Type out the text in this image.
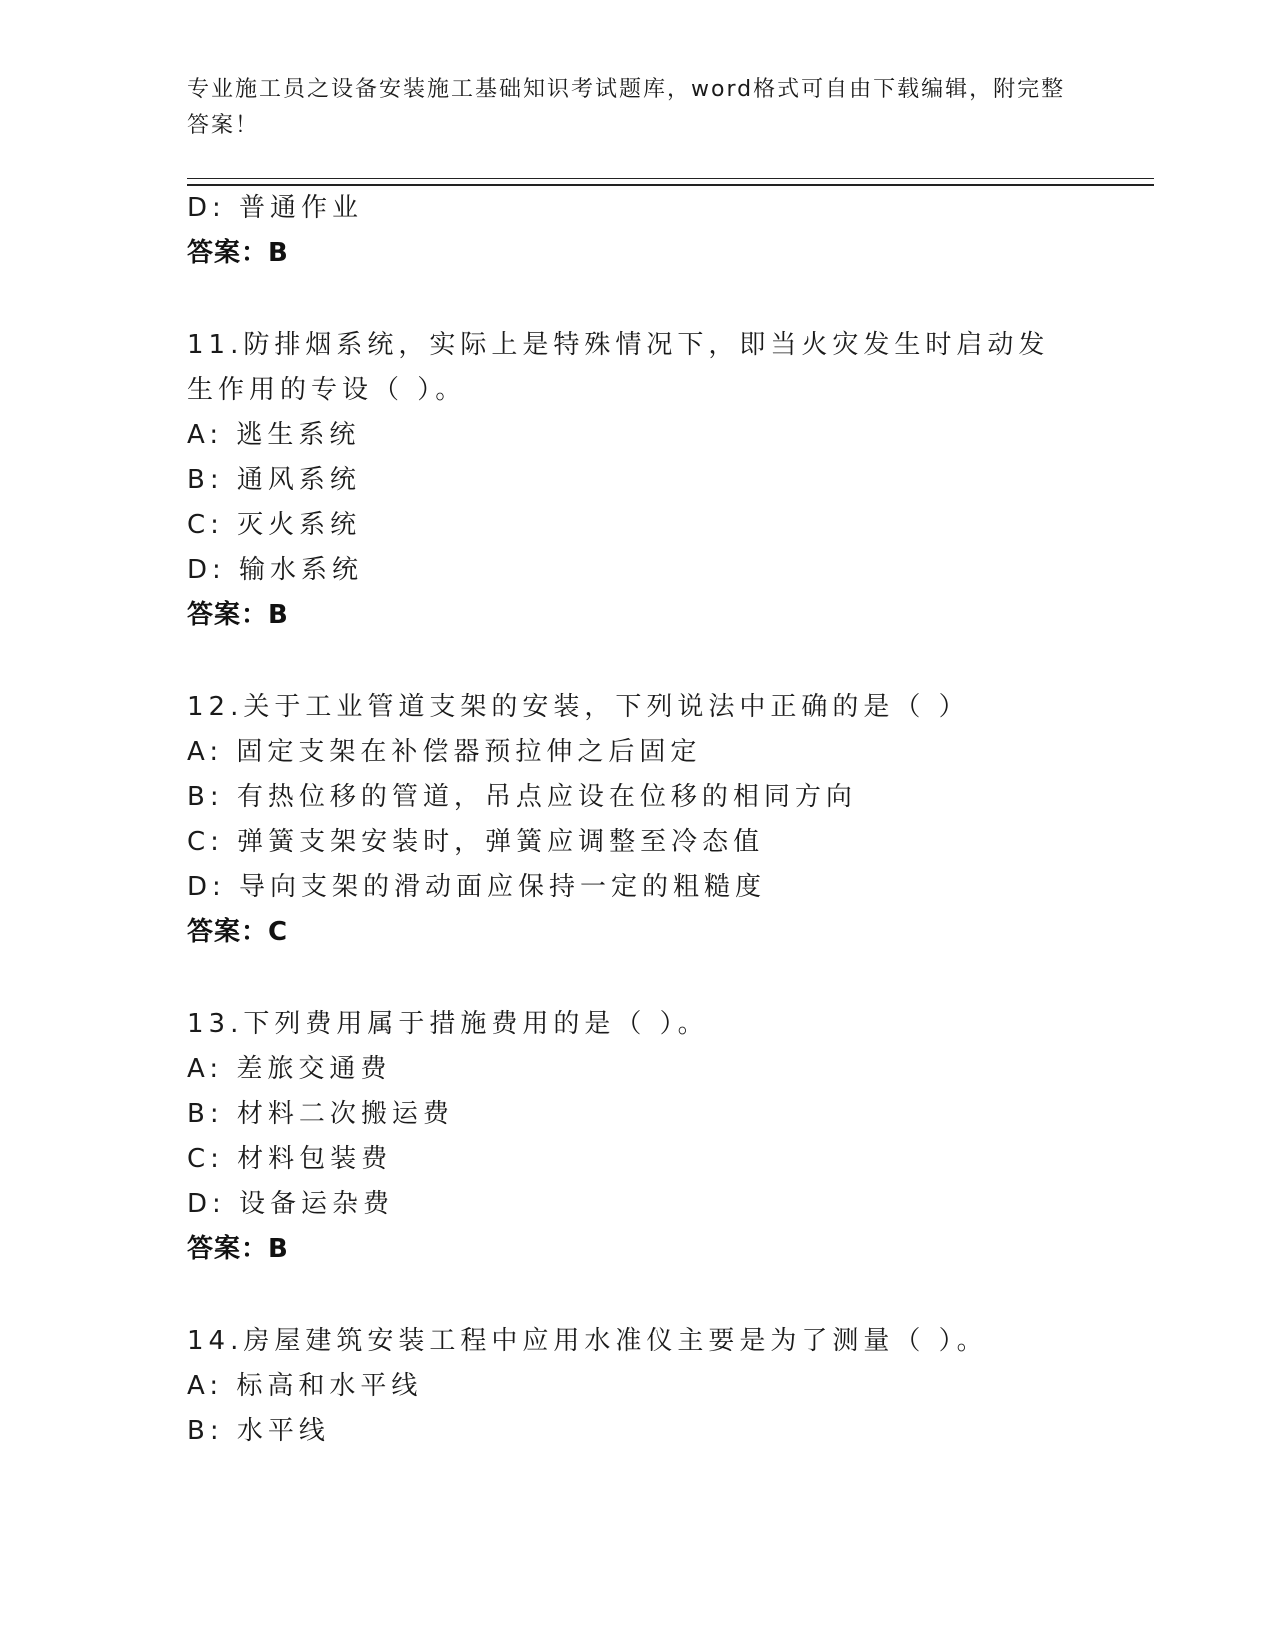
专业施工员之设备安装施工基础知识考试题库，word格式可自由下载编辑，附完整答案！
D: 普通作业
答案：B
11.防排烟系统，实际上是特殊情况下，即当火灾发生时启动发生作用的专设（ ）。
A: 逃生系统
B: 通风系统
C: 灭火系统
D: 输水系统
答案：B
12.关于工业管道支架的安装，下列说法中正确的是（ ）
A: 固定支架在补偿器预拉伸之后固定
B: 有热位移的管道，吊点应设在位移的相同方向
C: 弹簧支架安装时，弹簧应调整至冷态值
D: 导向支架的滑动面应保持一定的粗糙度
答案：C
13.下列费用属于措施费用的是（ ）。
A: 差旅交通费
B: 材料二次搬运费
C: 材料包装费
D: 设备运杂费
答案：B
14.房屋建筑安装工程中应用水准仪主要是为了测量（ ）。
A: 标高和水平线
B: 水平线
